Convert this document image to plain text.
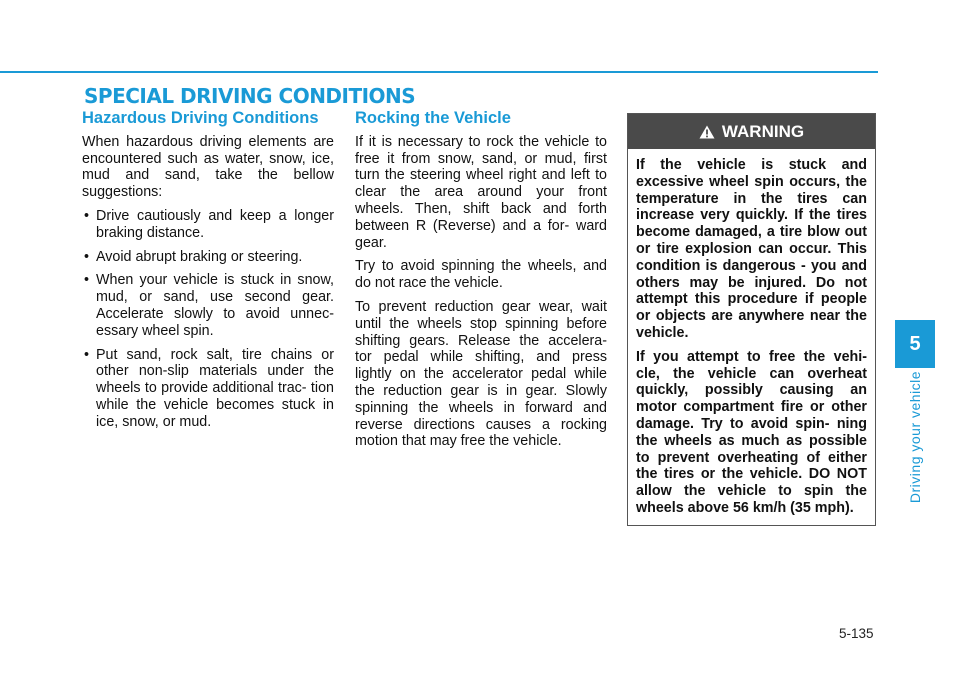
SPECIAL DRIVING CONDITIONS
Hazardous Driving Conditions

When hazardous driving elements are encountered such as water, snow, ice, mud and sand, take the bellow suggestions:

• Drive cautiously and keep a longer braking distance.
• Avoid abrupt braking or steering.
• When your vehicle is stuck in snow, mud, or sand, use second gear. Accelerate slowly to avoid unnec- essary wheel spin.
• Put sand, rock salt, tire chains or other non-slip materials under the wheels to provide additional trac- tion while the vehicle becomes stuck in ice, snow, or mud.
Rocking the Vehicle

If it is necessary to rock the vehicle to free it from snow, sand, or mud, first turn the steering wheel right and left to clear the area around your front wheels. Then, shift back and forth between R (Reverse) and a for- ward gear.

Try to avoid spinning the wheels, and do not race the vehicle.

To prevent reduction gear wear, wait until the wheels stop spinning before shifting gears. Release the accelera- tor pedal while shifting, and press lightly on the accelerator pedal while the reduction gear is in gear. Slowly spinning the wheels in forward and reverse directions causes a rocking motion that may free the vehicle.

WARNING

If the vehicle is stuck and excessive wheel spin occurs, the temperature in the tires can increase very quickly. If the tires become damaged, a tire blow out or tire explosion can occur. This condition is dangerous - you and others may be injured. Do not attempt this procedure if people or objects are anywhere near the vehicle.

If you attempt to free the vehi- cle, the vehicle can overheat quickly, possibly causing an motor compartment fire or other damage. Try to avoid spin- ning the wheels as much as possible to prevent overheating of either the tires or the vehicle. DO NOT allow the vehicle to spin the wheels above 56 km/h (35 mph).

5
Driving your vehicle
5-135
